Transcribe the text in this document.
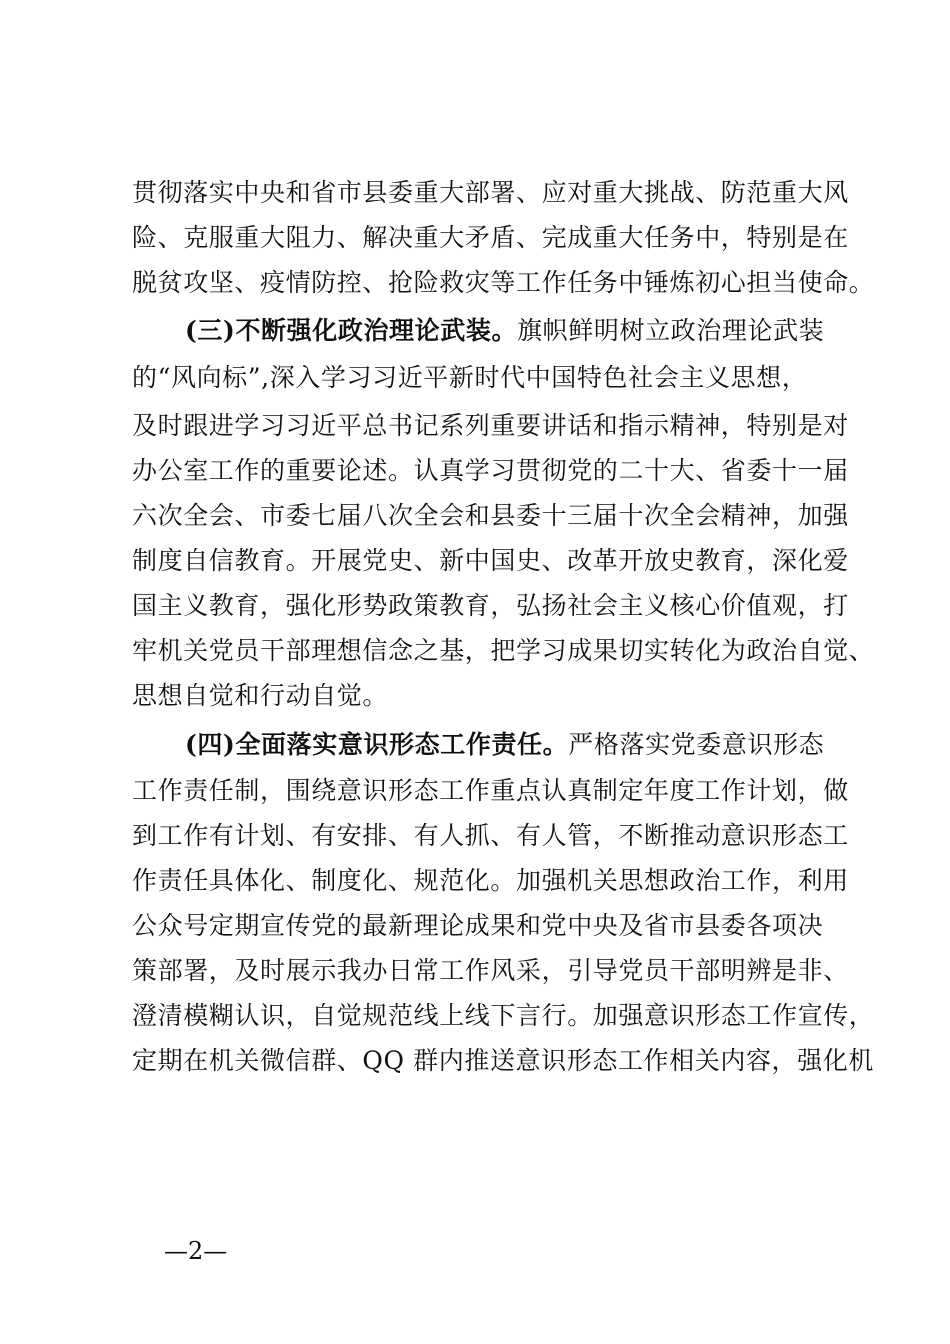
贯彻落实中央和省市县委重大部署、应对重大挑战、防范重大风
险、克服重大阻力、解决重大矛盾、完成重大任务中，特别是在
脱贫攻坚、疫情防控、抢险救灾等工作任务中锤炼初心担当使命。
(三)不断强化政治理论武装。旗帜鲜明树立政治理论武装
的“风向标”,深入学习习近平新时代中国特色社会主义思想，
及时跟进学习习近平总书记系列重要讲话和指示精神，特别是对
办公室工作的重要论述。认真学习贯彻党的二十大、省委十一届
六次全会、市委七届八次全会和县委十三届十次全会精神，加强
制度自信教育。开展党史、新中国史、改革开放史教育，深化爱
国主义教育，强化形势政策教育，弘扬社会主义核心价值观，打
牢机关党员干部理想信念之基，把学习成果切实转化为政治自觉、
思想自觉和行动自觉。
(四)全面落实意识形态工作责任。严格落实党委意识形态
工作责任制，围绕意识形态工作重点认真制定年度工作计划，做
到工作有计划、有安排、有人抓、有人管，不断推动意识形态工
作责任具体化、制度化、规范化。加强机关思想政治工作，利用
公众号定期宣传党的最新理论成果和党中央及省市县委各项决
策部署，及时展示我办日常工作风采，引导党员干部明辨是非、
澄清模糊认识，自觉规范线上线下言行。加强意识形态工作宣传，
定期在机关微信群、QQ 群内推送意识形态工作相关内容，强化机
—2—
